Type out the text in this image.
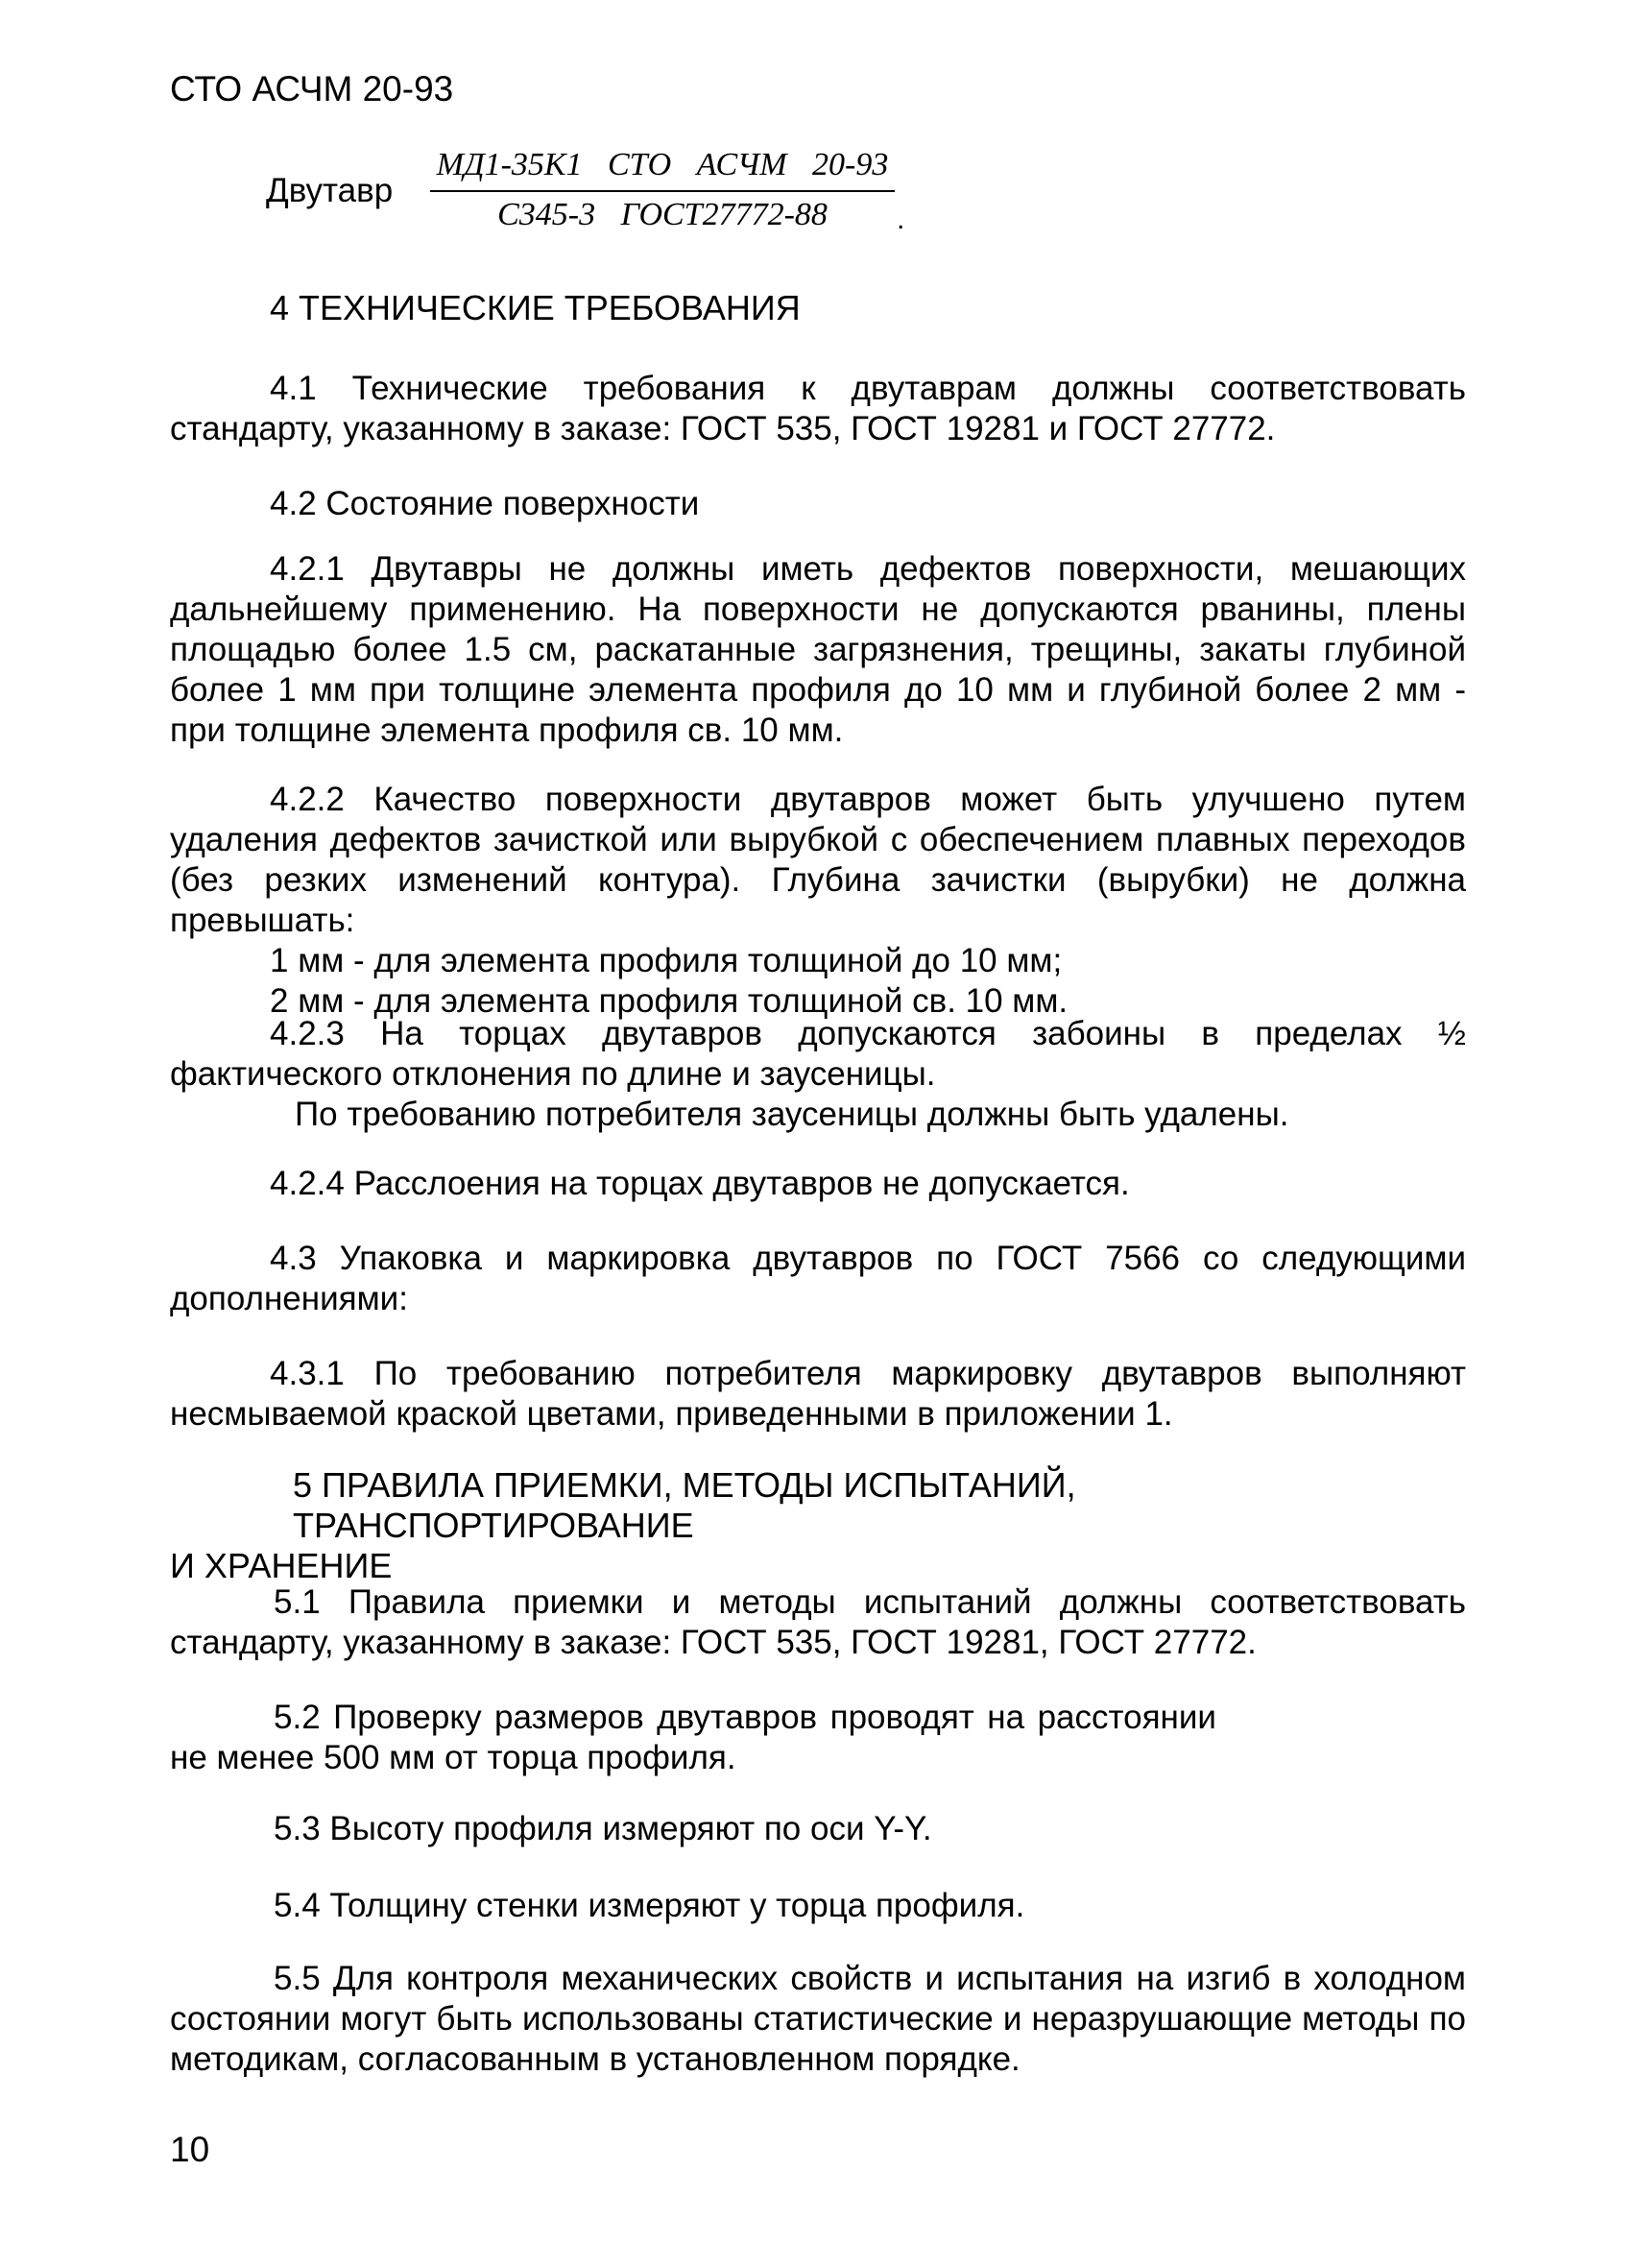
СТО АСЧМ 20-93
Двутавр
МД1-35К1 СТО АСЧМ 20-93
С345-3 ГОСТ27772-88	.

4 ТЕХНИЧЕСКИЕ ТРЕБОВАНИЯ

4.1 Технические требования к двутаврам должны соответствовать стандарту, указанному в заказе: ГОСТ 535, ГОСТ 19281 и ГОСТ 27772.

4.2 Состояние поверхности

4.2.1 Двутавры не должны иметь дефектов поверхности, мешающих дальнейшему применению. На поверхности не допускаются рванины, плены площадью более 1.5 см, раскатанные загрязнения, трещины, закаты глубиной более 1 мм при толщине элемента профиля до 10 мм и глубиной более 2 мм - при толщине элемента профиля св. 10 мм.

4.2.2 Качество поверхности двутавров может быть улучшено путем удаления дефектов зачисткой или вырубкой с обеспечением плавных переходов (без резких изменений контура). Глубина зачистки (вырубки) не должна превышать:

1 мм - для элемента профиля толщиной до 10 мм;

2 мм - для элемента профиля толщиной св. 10 мм.

4.2.3 На торцах двутавров допускаются забоины в пределах ½ фактического отклонения по длине и заусеницы.

По требованию потребителя заусеницы должны быть удалены.

4.2.4 Расслоения на торцах двутавров не допускается.

4.3 Упаковка и маркировка двутавров по ГОСТ 7566 со следующими дополнениями:

4.3.1 По требованию потребителя маркировку двутавров выполняют несмываемой краской цветами, приведенными в приложении 1.

5 ПРАВИЛА ПРИЕМКИ, МЕТОДЫ ИСПЫТАНИЙ, ТРАНСПОРТИРОВАНИЕ

И ХРАНЕНИЕ

5.1 Правила приемки и методы испытаний должны соответствовать стандарту, указанному в заказе: ГОСТ 535, ГОСТ 19281, ГОСТ 27772.

5.2 Проверку размеров двутавров проводят на расстоянии не менее 500 мм от торца профиля.

5.3 Высоту профиля измеряют по оси Y-Y.

5.4 Толщину стенки измеряют у торца профиля.

5.5 Для контроля механических свойств и испытания на изгиб в холодном состоянии могут быть использованы статистические и неразрушающие методы по методикам, согласованным в установленном порядке.

10
